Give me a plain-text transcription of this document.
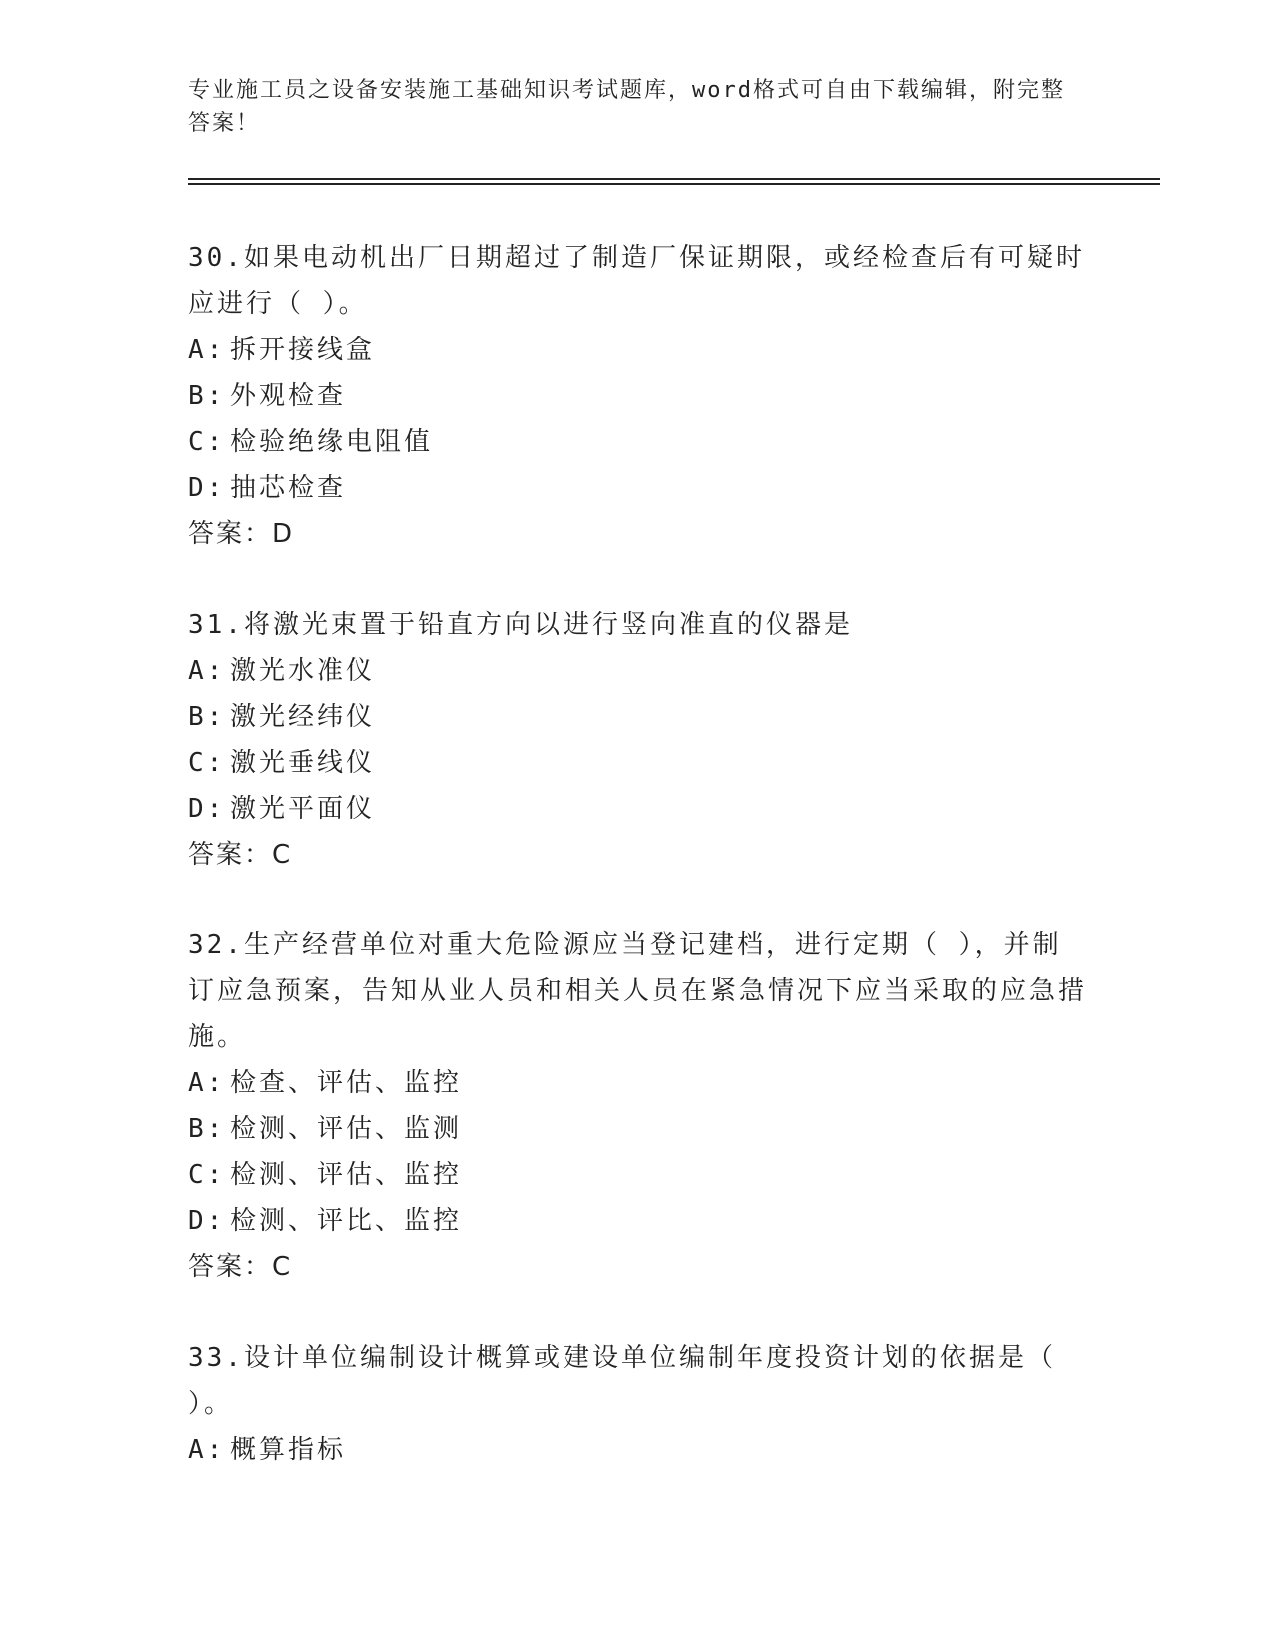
专业施工员之设备安装施工基础知识考试题库，word格式可自由下载编辑，附完整答案！

30.如果电动机出厂日期超过了制造厂保证期限，或经检查后有可疑时应进行（ ）。

A: 拆开接线盒
B: 外观检查
C: 检验绝缘电阻值
D: 抽芯检查
答案：D

31.将激光束置于铅直方向以进行竖向准直的仪器是

A: 激光水准仪
B: 激光经纬仪
C: 激光垂线仪
D: 激光平面仪
答案：C

32.生产经营单位对重大危险源应当登记建档，进行定期（ ），并制订应急预案，告知从业人员和相关人员在紧急情况下应当采取的应急措施。

A: 检查、评估、监控
B: 检测、评估、监测
C: 检测、评估、监控
D: 检测、评比、监控
答案：C

33.设计单位编制设计概算或建设单位编制年度投资计划的依据是（ ）。

A: 概算指标
